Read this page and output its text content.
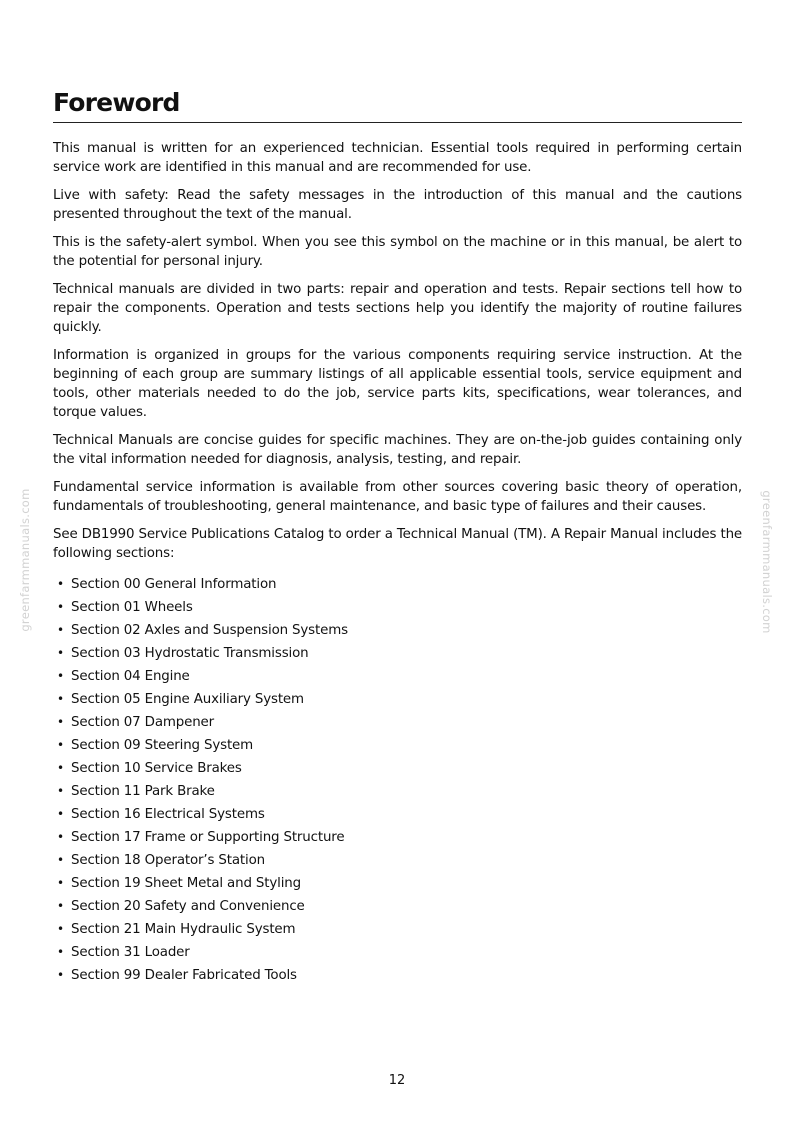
greenfarmmanuals.com	greenfarmmanuals.com
Foreword

This manual is written for an experienced technician. Essential tools required in performing certain service work are identified in this manual and are recommended for use.

Live with safety: Read the safety messages in the introduction of this manual and the cautions presented throughout the text of the manual.

This is the safety-alert symbol. When you see this symbol on the machine or in this manual, be alert to the potential for personal injury.

Technical manuals are divided in two parts: repair and operation and tests. Repair sections tell how to repair the components. Operation and tests sections help you identify the majority of routine failures quickly.

Information is organized in groups for the various components requiring service instruction. At the beginning of each group are summary listings of all applicable essential tools, service equipment and tools, other materials needed to do the job, service parts kits, specifications, wear tolerances, and torque values.

Technical Manuals are concise guides for specific machines. They are on-the-job guides containing only the vital information needed for diagnosis, analysis, testing, and repair.

Fundamental service information is available from other sources covering basic theory of operation, fundamentals of troubleshooting, general maintenance, and basic type of failures and their causes.

See DB1990 Service Publications Catalog to order a Technical Manual (TM). A Repair Manual includes the following sections:

• Section 00 General Information
• Section 01 Wheels
• Section 02 Axles and Suspension Systems
• Section 03 Hydrostatic Transmission
• Section 04 Engine
• Section 05 Engine Auxiliary System
• Section 07 Dampener
• Section 09 Steering System
• Section 10 Service Brakes
• Section 11 Park Brake
• Section 16 Electrical Systems
• Section 17 Frame or Supporting Structure
• Section 18 Operator’s Station
• Section 19 Sheet Metal and Styling
• Section 20 Safety and Convenience
• Section 21 Main Hydraulic System
• Section 31 Loader
• Section 99 Dealer Fabricated Tools
12
